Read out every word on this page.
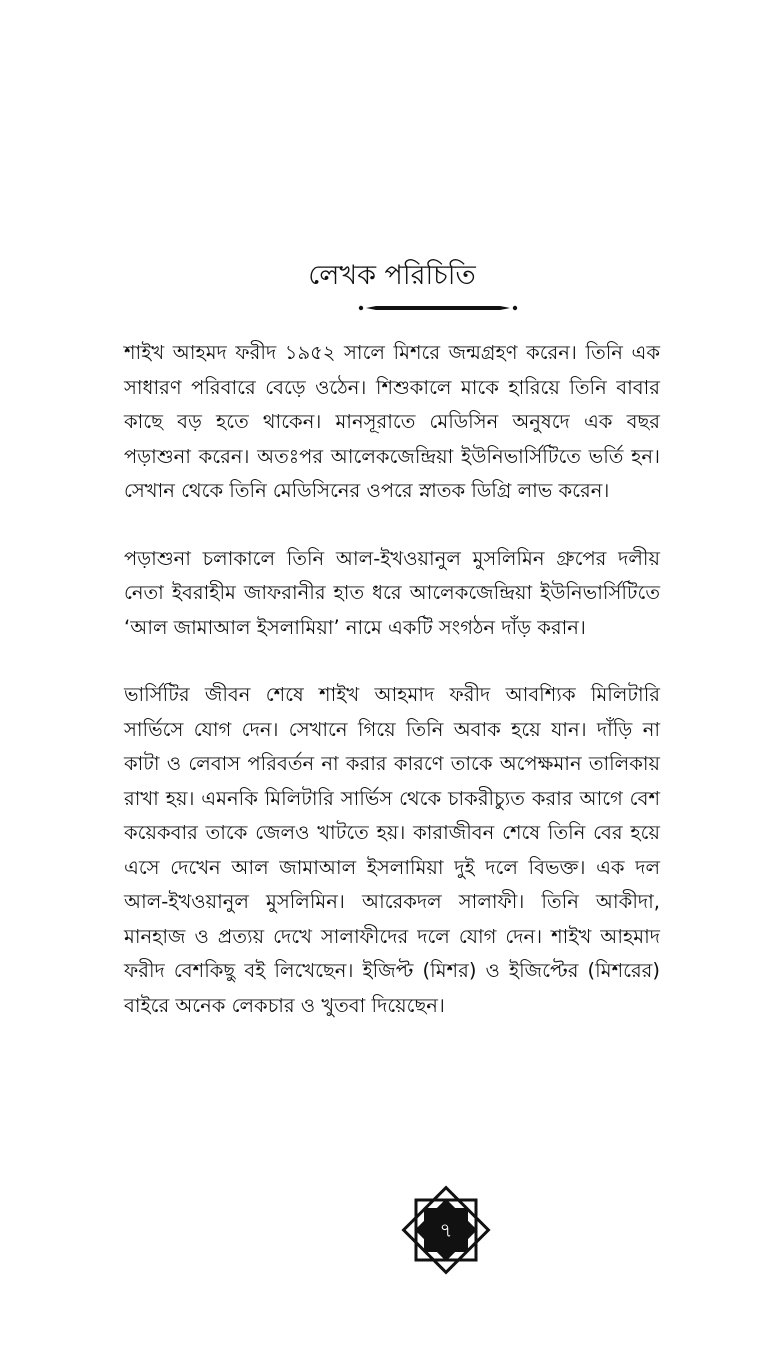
লেখক পরিচিতি

শাইখ আহমদ ফরীদ ১৯৫২ সালে মিশরে জন্মগ্রহণ করেন। তিনি এক সাধারণ পরিবারে বেড়ে ওঠেন। শিশুকালে মাকে হারিয়ে তিনি বাবার কাছে বড় হতে থাকেন। মানসূরাতে মেডিসিন অনুষদে এক বছর পড়াশুনা করেন। অতঃপর আলেকজেন্দ্রিয়া ইউনিভার্সিটিতে ভর্তি হন। সেখান থেকে তিনি মেডিসিনের ওপরে স্নাতক ডিগ্রি লাভ করেন।

পড়াশুনা চলাকালে তিনি আল-ইখওয়ানুল মুসলিমিন গ্রুপের দলীয় নেতা ইবরাহীম জাফরানীর হাত ধরে আলেকজেন্দ্রিয়া ইউনিভার্সিটিতে ‘আল জামাআল ইসলামিয়া’ নামে একটি সংগঠন দাঁড় করান।

ভার্সিটির জীবন শেষে শাইখ আহমাদ ফরীদ আবশ্যিক মিলিটারি সার্ভিসে যোগ দেন। সেখানে গিয়ে তিনি অবাক হয়ে যান। দাঁড়ি না কাটা ও লেবাস পরিবর্তন না করার কারণে তাকে অপেক্ষমান তালিকায় রাখা হয়। এমনকি মিলিটারি সার্ভিস থেকে চাকরীচ্যুত করার আগে বেশ কয়েকবার তাকে জেলও খাটতে হয়। কারাজীবন শেষে তিনি বের হয়ে এসে দেখেন আল জামাআল ইসলামিয়া দুই দলে বিভক্ত। এক দল আল-ইখওয়ানুল মুসলিমিন। আরেকদল সালাফী। তিনি আকীদা, মানহাজ ও প্রত্যয় দেখে সালাফীদের দলে যোগ দেন। শাইখ আহমাদ ফরীদ বেশকিছু বই লিখেছেন। ইজিপ্ট (মিশর) ও ইজিপ্টের (মিশরের) বাইরে অনেক লেকচার ও খুতবা দিয়েছেন।

৭
